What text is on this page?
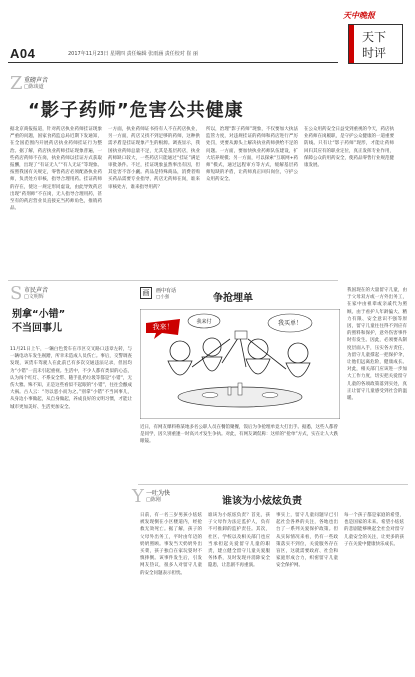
A04	2017年11月23日 星期四 责任编辑 张雨涵 责任校对 崔 丽
天中晚报
天下
时评
Z 重磅声音
□陈谈道
“影子药师”危害公共健康
据北京商报报道，针对药店执业药师挂证现象严重的问题，国家食药监总局近期下发通知，在全国范围内开展药店执业药师挂证行为整治。据了解，药店执业药师挂证现象普遍，一些药店药师不在岗，执业药师以挂证方式获取报酬，出现了“有证无人”“有人无证”等现象。按照我国有关规定，零售药店必须配备执业药师，负责处方审核，指导合理用药。挂证药师的存在，使这一规定形同虚设，由此导致药店出现“药剂师”不在岗，无人指导合理用药，甚至有的药店营业员直接充当药师角色，推销药品。
一方面，执业药师证书持有人不在药店执业，另一方面，药店又找不到足够的药师，这种供需矛盾是挂证现象产生的根源。调查显示，我国执业药师总量不足，尤其是基层药店，执业药师缺口较大，一些药店只能通过“挂证”满足审批条件。不过，挂证现象虽然事出有因，但其危害不容小觑。药品是特殊商品，消费者购买药品需要专业指导，药店无药师在岗，谁来审核处方，谁来指导用药？
所以，治理“影子药师”现象，不仅要加大执法监管力度，对违规挂证的药师和药店进行严厉处罚，更要从源头上解决执业药师供给不足的问题。一方面，要加快执业药师队伍建设，扩大培养规模；另一方面，可以探索“互联网+药师”模式，通过远程审方等方式，缓解基层药师短缺的矛盾，让药师真正回归岗位，守护公众用药安全。
在公众用药安全日益受到重视的今天，药店执业药师在岗履职，是守护公众健康的一道重要防线。只有让“影子药师”现形，才能让药师回归其应有的职业定位，真正发挥专业作用，保障公众的用药安全，使药品零售行业规范健康发展。
S 市民声音
□文明辉
别拿“小错”
不当回事儿
11月21日上午，一辆白色货车在市区交叉路口违章左转，与一辆电动车发生剐蹭，所幸未造成人员伤亡。事后，交警调查发现，该货车驾驶人在此前已有多次交通违法记录，但因均为“小错”一直未引起重视。生活中，不少人都有类似的心态，认为闯个红灯、不系安全带、随手乱扔垃圾等都是“小错”，无伤大雅。殊不知，正是这些看似不起眼的“小错”，往往会酿成大祸。古人云：“勿以恶小而为之。”别拿“小错”不当回事儿，从身边小事做起，从自身做起，养成良好的文明习惯，才能让城市更加美好、生活更加安全。
画	画中有话
□小强	争抢埋单
我来！	我买单！
我来付
近日，有网友爆料称某地多名公职人员在餐馆聚餐，饭后为争抢埋单竟大打出手。据悉，这些人都曾是同学，因久别重逢一时高兴才发生争执。对此，有网友调侃称：这样的“抢单”方式，实在让人大跌眼镜。
我国现在的大量留守儿童，由于父母双方或一方外出务工，在家中由祖辈或亲戚代为照顾。由于看护人年龄偏大、精力有限、安全意识不强等原因，留守儿童往往得不到应有的照料和保护，意外伤害事件时有发生。因此，必须要从制度层面入手，压实各方责任，为留守儿童撑起一把保护伞，让他们远离危险，健康成长。对此，相关部门应该进一步加大工作力度，切实把关爱留守儿童的各项政策落到实处，真正让留守儿童感受到社会的温暖。
Y 一吐为快
□陈刚	谁该为小炫炫负责
日前，有一名三岁男孩小炫炫被发现倒在小区楼道内，经抢救无效死亡。据了解，孩子的父母外出务工，平时由年迈的奶奶照顾。事发当天奶奶外出买菜，孩子独自在家玩耍时不慎摔倒。该事件发生后，引发网友热议，很多人对留守儿童的安全问题表示担忧。
谁该为小炫炫负责？首先，孩子父母作为法定监护人，负有不可推卸的监护责任。其次，社区、学校以及相关部门也应当承担起关爱留守儿童的职责，建立健全留守儿童关爱服务体系，及时发现并消除安全隐患，让悲剧不再重演。
事实上，留守儿童问题早已引起社会各界的关注，各地也出台了一系列关爱保护政策。但从实际情况来看，仍有一些政策落实不到位，关爱服务存在盲区，这就需要政府、社会和家庭形成合力，织密留守儿童安全保护网。
每一个孩子都是家庭的希望，也是国家的未来。希望小炫炫的悲剧能够唤起全社会对留守儿童安全的关注，让更多的孩子在关爱中健康快乐成长。
